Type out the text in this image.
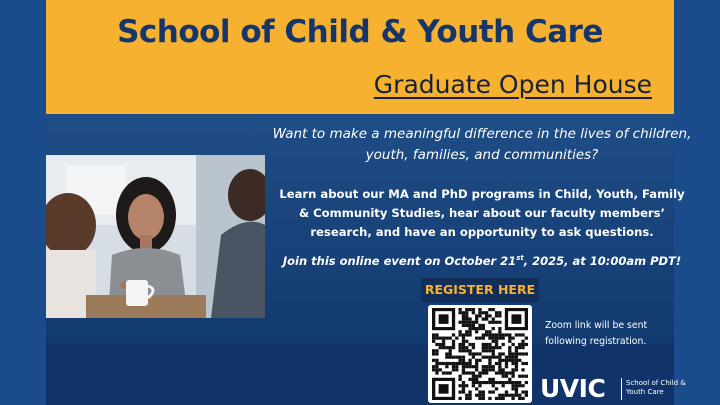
School of Child & Youth Care
Graduate Open House
Want to make a meaningful difference in the lives of children, youth, families, and communities?
Learn about our MA and PhD programs in Child, Youth, Family & Community Studies, hear about our faculty members’ research, and have an opportunity to ask questions.
Join this online event on October 21st, 2025, at 10:00am PDT!
REGISTER HERE
Zoom link will be sent following registration.
UVIC	School of Child & Youth Care
